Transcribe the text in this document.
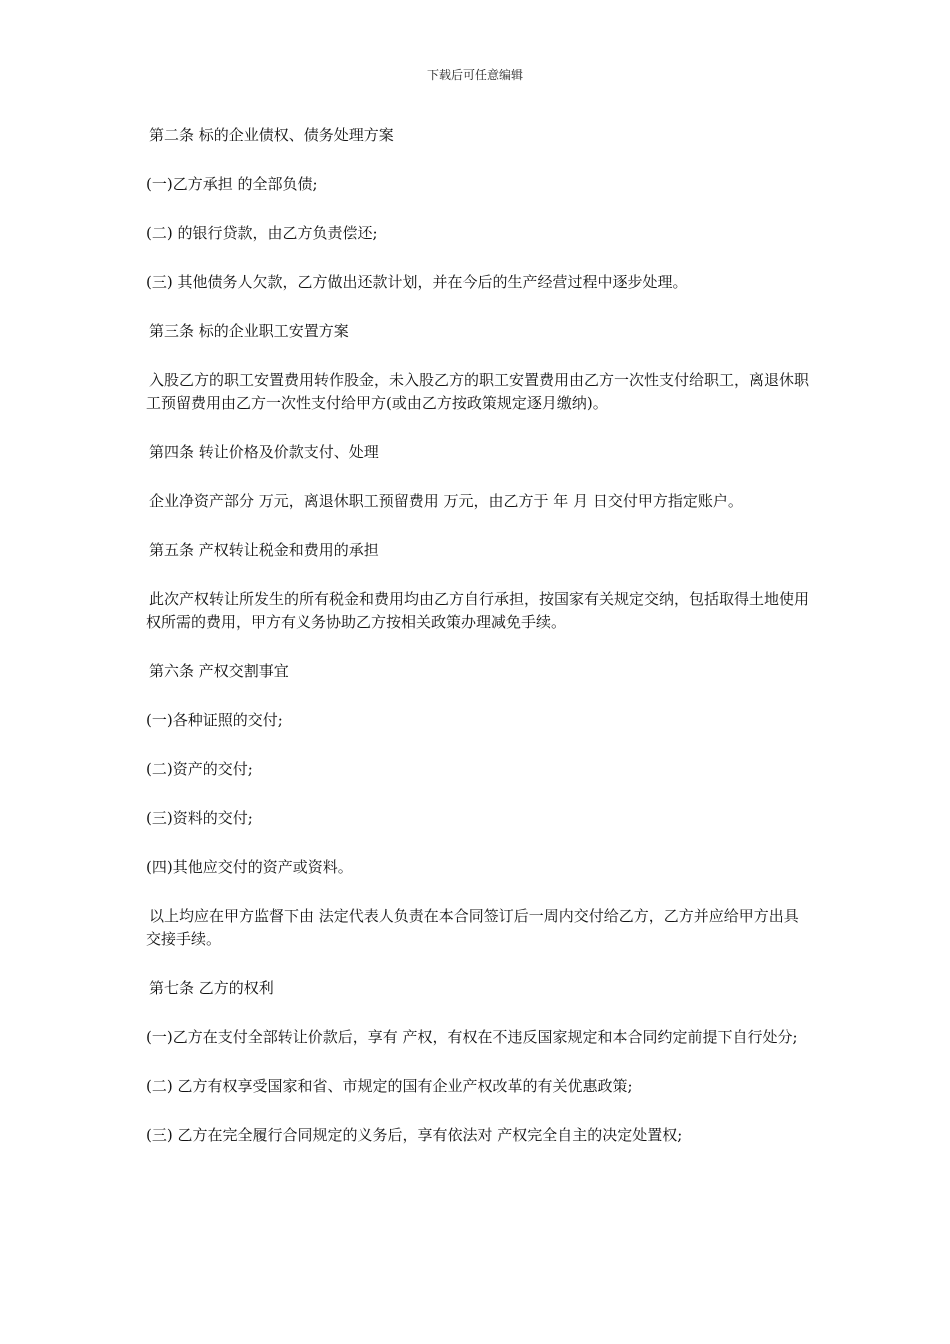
下载后可任意编辑

第二条 标的企业债权、债务处理方案

(一)乙方承担 的全部负债;

(二) 的银行贷款，由乙方负责偿还;

(三) 其他债务人欠款，乙方做出还款计划，并在今后的生产经营过程中逐步处理。

第三条 标的企业职工安置方案

入股乙方的职工安置费用转作股金，未入股乙方的职工安置费用由乙方一次性支付给职工，离退休职工预留费用由乙方一次性支付给甲方(或由乙方按政策规定逐月缴纳)。

第四条 转让价格及价款支付、处理

企业净资产部分 万元，离退休职工预留费用 万元，由乙方于 年 月 日交付甲方指定账户。

第五条 产权转让税金和费用的承担

此次产权转让所发生的所有税金和费用均由乙方自行承担，按国家有关规定交纳，包括取得土地使用权所需的费用，甲方有义务协助乙方按相关政策办理减免手续。

第六条 产权交割事宜

(一)各种证照的交付;

(二)资产的交付;

(三)资料的交付;

(四)其他应交付的资产或资料。

以上均应在甲方监督下由 法定代表人负责在本合同签订后一周内交付给乙方，乙方并应给甲方出具交接手续。

第七条 乙方的权利

(一)乙方在支付全部转让价款后，享有 产权，有权在不违反国家规定和本合同约定前提下自行处分;

(二) 乙方有权享受国家和省、市规定的国有企业产权改革的有关优惠政策;

(三) 乙方在完全履行合同规定的义务后，享有依法对 产权完全自主的决定处置权;
